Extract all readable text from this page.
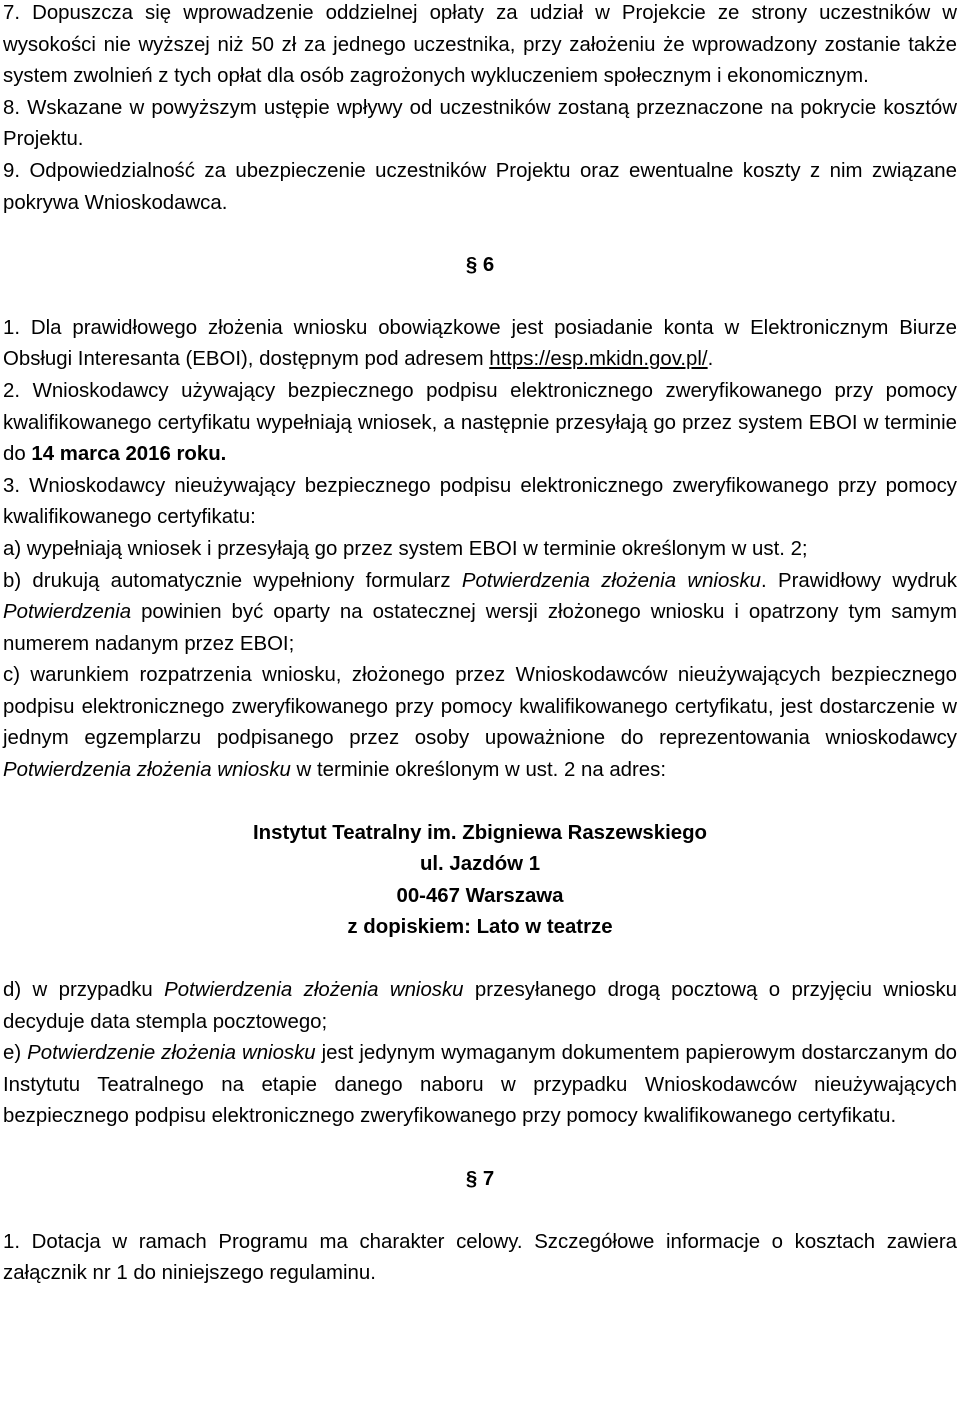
7. Dopuszcza się wprowadzenie oddzielnej opłaty za udział w Projekcie ze strony uczestników w wysokości nie wyższej niż 50 zł za jednego uczestnika, przy założeniu że wprowadzony zostanie także system zwolnień z tych opłat dla osób zagrożonych wykluczeniem społecznym i ekonomicznym.

8. Wskazane w powyższym ustępie wpływy od uczestników zostaną przeznaczone na pokrycie kosztów Projektu.

9. Odpowiedzialność za ubezpieczenie uczestników Projektu oraz ewentualne koszty z nim związane pokrywa Wnioskodawca.

§ 6

1. Dla prawidłowego złożenia wniosku obowiązkowe jest posiadanie konta w Elektronicznym Biurze Obsługi Interesanta (EBOI), dostępnym pod adresem https://esp.mkidn.gov.pl/.

2. Wnioskodawcy używający bezpiecznego podpisu elektronicznego zweryfikowanego przy pomocy kwalifikowanego certyfikatu wypełniają wniosek, a następnie przesyłają go przez system EBOI w terminie do 14 marca 2016 roku.

3. Wnioskodawcy nieużywający bezpiecznego podpisu elektronicznego zweryfikowanego przy pomocy kwalifikowanego certyfikatu:

a) wypełniają wniosek i przesyłają go przez system EBOI w terminie określonym w ust. 2;

b) drukują automatycznie wypełniony formularz Potwierdzenia złożenia wniosku. Prawidłowy wydruk Potwierdzenia powinien być oparty na ostatecznej wersji złożonego wniosku i opatrzony tym samym numerem nadanym przez EBOI;

c) warunkiem rozpatrzenia wniosku, złożonego przez Wnioskodawców nieużywających bezpiecznego podpisu elektronicznego zweryfikowanego przy pomocy kwalifikowanego certyfikatu, jest dostarczenie w jednym egzemplarzu podpisanego przez osoby upoważnione do reprezentowania wnioskodawcy Potwierdzenia złożenia wniosku w terminie określonym w ust. 2 na adres:

Instytut Teatralny im. Zbigniewa Raszewskiego

ul. Jazdów 1

00-467 Warszawa

z dopiskiem: Lato w teatrze

d) w przypadku Potwierdzenia złożenia wniosku przesyłanego drogą pocztową o przyjęciu wniosku decyduje data stempla pocztowego;

e) Potwierdzenie złożenia wniosku jest jedynym wymaganym dokumentem papierowym dostarczanym do Instytutu Teatralnego na etapie danego naboru w przypadku Wnioskodawców nieużywających bezpiecznego podpisu elektronicznego zweryfikowanego przy pomocy kwalifikowanego certyfikatu.

§ 7

1. Dotacja w ramach Programu ma charakter celowy. Szczegółowe informacje o kosztach zawiera załącznik nr 1 do niniejszego regulaminu.
